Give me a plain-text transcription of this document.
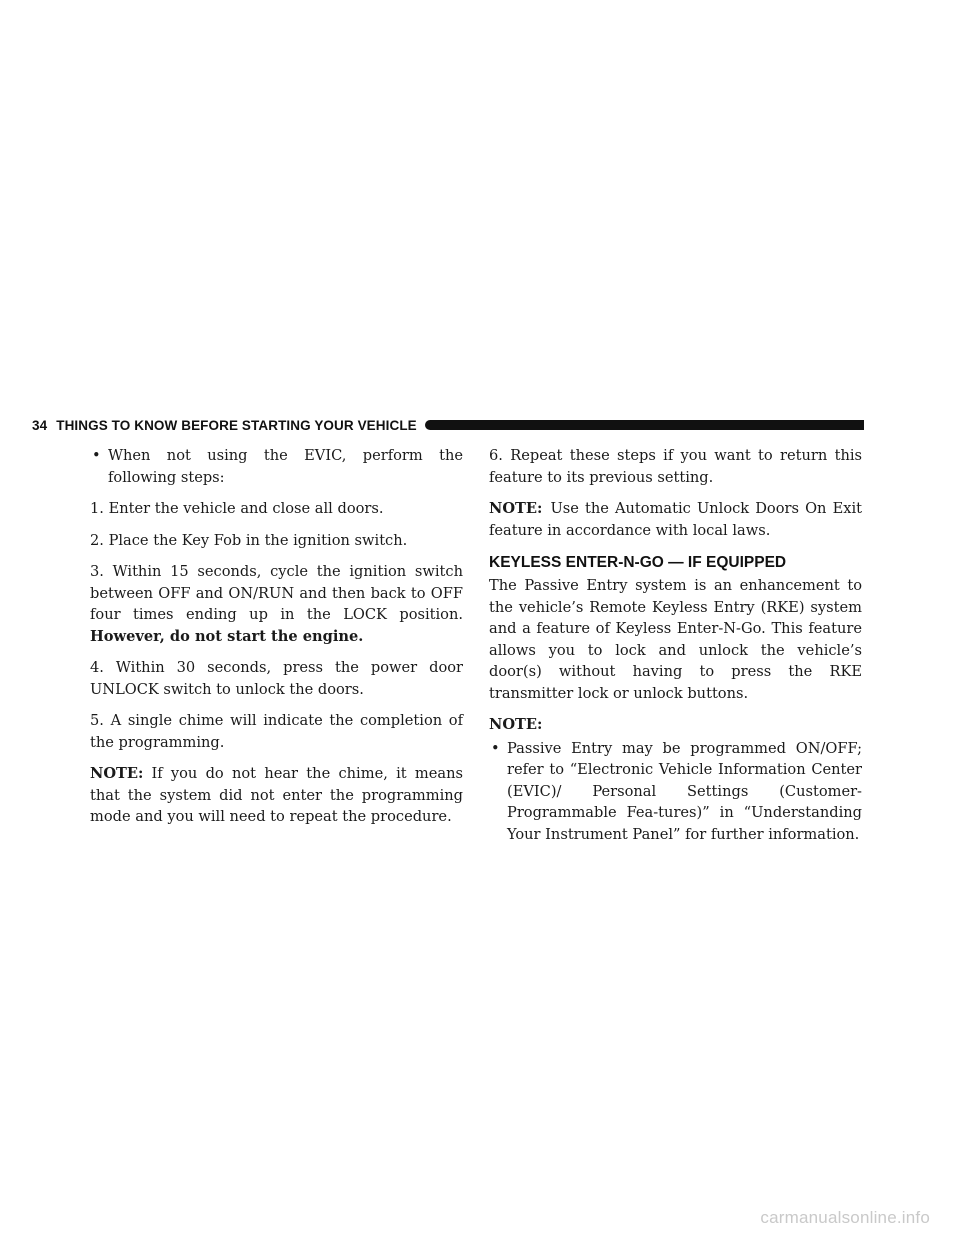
34 THINGS TO KNOW BEFORE STARTING YOUR VEHICLE
• When not using the EVIC, perform the following steps:

1. Enter the vehicle and close all doors.

2. Place the Key Fob in the ignition switch.

3. Within 15 seconds, cycle the ignition switch between OFF and ON/RUN and then back to OFF four times ending up in the LOCK position. However, do not start the engine.

4. Within 30 seconds, press the power door UNLOCK switch to unlock the doors.

5. A single chime will indicate the completion of the programming.

NOTE: If you do not hear the chime, it means that the system did not enter the programming mode and you will need to repeat the procedure.

6. Repeat these steps if you want to return this feature to its previous setting.

NOTE: Use the Automatic Unlock Doors On Exit feature in accordance with local laws.

KEYLESS ENTER-N-GO — IF EQUIPPED

The Passive Entry system is an enhancement to the vehicle’s Remote Keyless Entry (RKE) system and a feature of Keyless Enter-N-Go. This feature allows you to lock and unlock the vehicle’s door(s) without having to press the RKE transmitter lock or unlock buttons.

NOTE:

• Passive Entry may be programmed ON/OFF; refer to “Electronic Vehicle Information Center (EVIC)/ Personal Settings (Customer-Programmable Fea-tures)” in “Understanding Your Instrument Panel” for further information.
carmanualsonline.info
